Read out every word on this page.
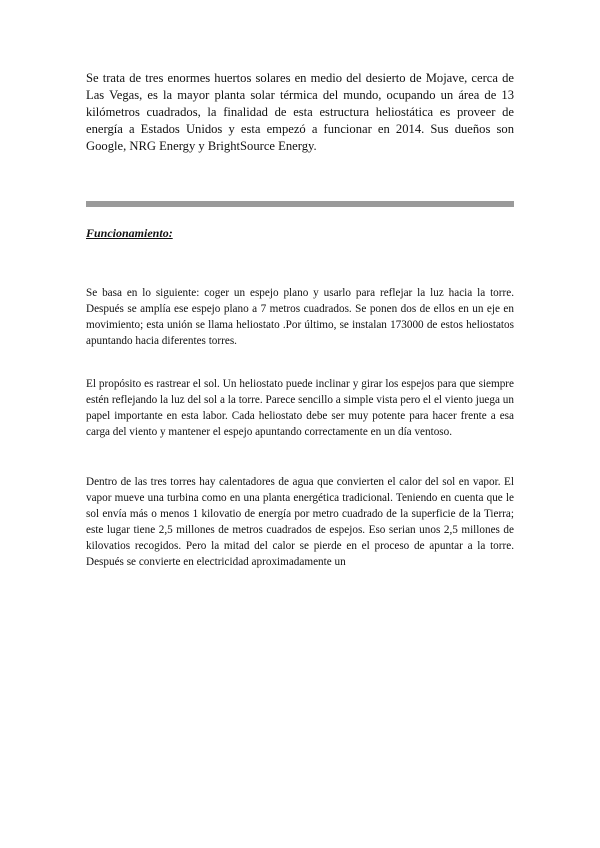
Se trata de tres enormes huertos solares en medio del desierto de Mojave, cerca de Las Vegas, es la mayor planta solar térmica del mundo, ocupando un área de 13 kilómetros cuadrados, la finalidad de esta estructura heliostática es proveer de energía a Estados Unidos y esta empezó a funcionar en 2014. Sus dueños son Google, NRG Energy y BrightSource Energy.

Funcionamiento:

Se basa en lo siguiente: coger un espejo plano y usarlo para reflejar la luz hacia la torre. Después se amplía ese espejo plano a 7 metros cuadrados. Se ponen dos de ellos en un eje en movimiento; esta unión se llama heliostato .Por último, se instalan 173000 de estos heliostatos apuntando hacia diferentes torres.

El propósito es rastrear el sol. Un heliostato puede inclinar y girar los espejos para que siempre estén reflejando la luz del sol a la torre. Parece sencillo a simple vista pero el el viento juega un papel importante en esta labor. Cada heliostato debe ser muy potente para hacer frente a esa carga del viento y mantener el espejo apuntando correctamente en un día ventoso.

Dentro de las tres torres hay calentadores de agua que convierten el calor del sol en vapor. El vapor mueve una turbina como en una planta energética tradicional. Teniendo en cuenta que le sol envía más o menos 1 kilovatio de energía por metro cuadrado de la superficie de la Tierra; este lugar tiene 2,5 millones de metros cuadrados de espejos. Eso serian unos 2,5 millones de kilovatios recogidos. Pero la mitad del calor se pierde en el proceso de apuntar a la torre. Después se convierte en electricidad aproximadamente un
